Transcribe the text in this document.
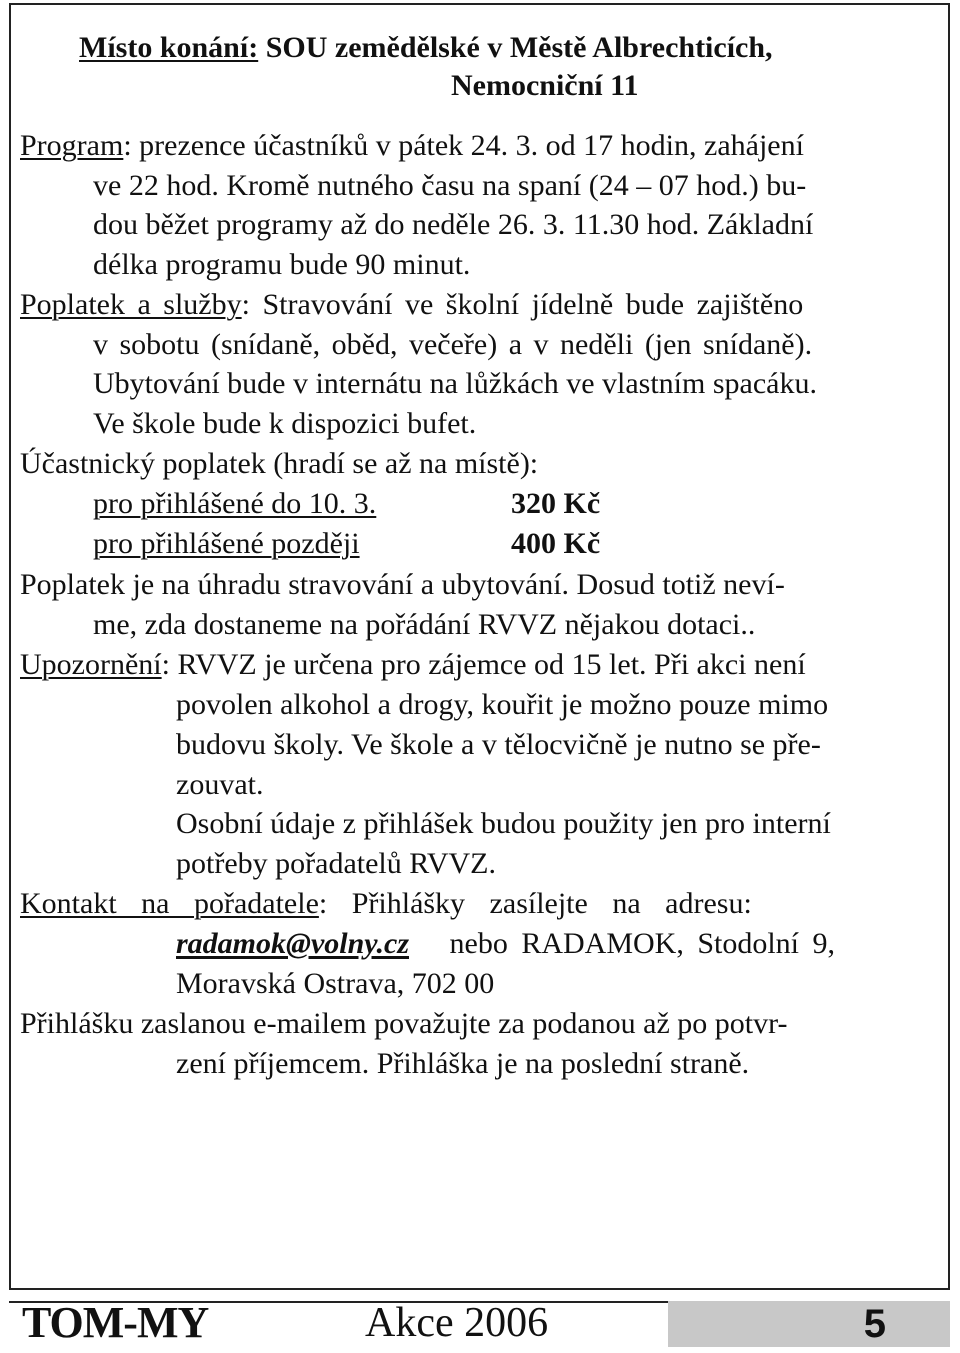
Místo konání: SOU zemědělské v Městě Albrechticích,
Nemocniční 11
Program: prezence účastníků v pátek 24. 3. od 17 hodin, zahájení
ve 22 hod. Kromě nutného času na spaní (24 – 07 hod.) bu-
dou běžet programy až do neděle 26. 3. 11.30 hod. Základní
délka programu bude 90 minut.
Poplatek a služby: Stravování ve školní jídelně bude zajištěno
v sobotu (snídaně, oběd, večeře) a v neděli (jen snídaně).
Ubytování bude v internátu na lůžkách ve vlastním spacáku.
Ve škole bude k dispozici bufet.
Účastnický poplatek (hradí se až na místě):
pro přihlášené do 10. 3.	320 Kč
pro přihlášené později	400 Kč
Poplatek je na úhradu stravování a ubytování. Dosud totiž neví-
me, zda dostaneme na pořádání RVVZ nějakou dotaci..
Upozornění: RVVZ je určena pro zájemce od 15 let. Při akci není
povolen alkohol a drogy, kouřit je možno pouze mimo
budovu školy. Ve škole a v tělocvičně je nutno se pře-
zouvat.
Osobní údaje z přihlášek budou použity jen pro interní
potřeby pořadatelů RVVZ.
Kontakt na pořadatele: Přihlášky zasílejte na adresu:
radamok@volny.cz nebo RADAMOK, Stodolní 9,
Moravská Ostrava, 702 00
Přihlášku zaslanou e-mailem považujte za podanou až po potvr-
zení příjemcem. Přihláška je na poslední straně.
TOM-MY	Akce 2006	5
